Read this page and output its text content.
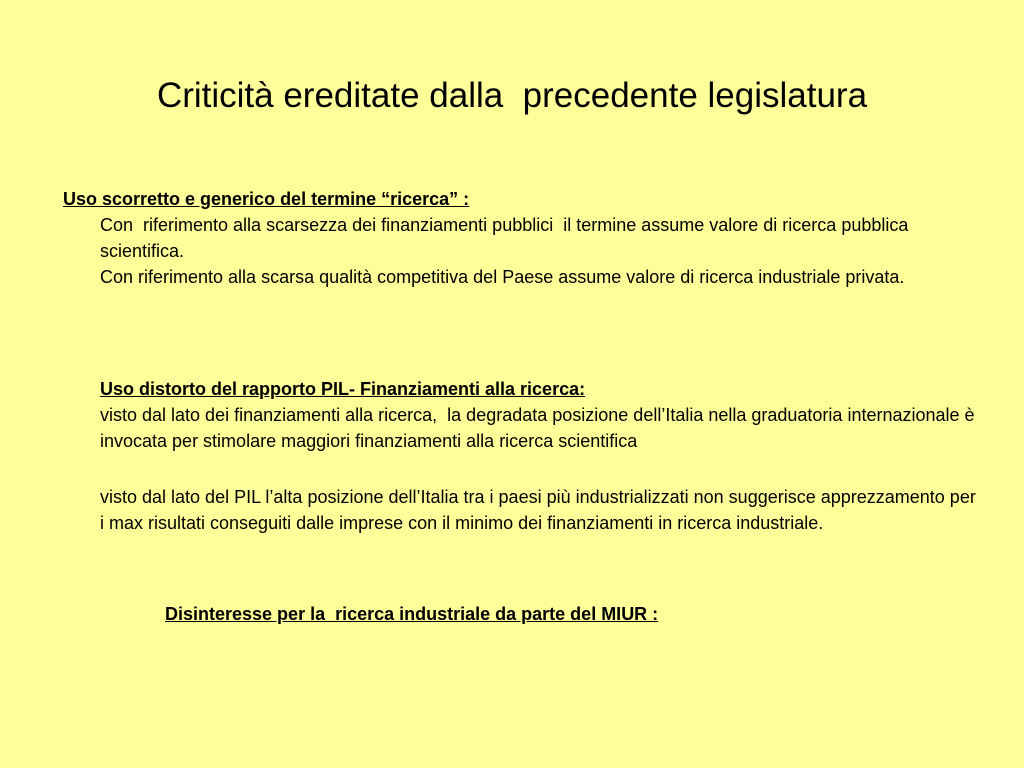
Criticità ereditate dalla  precedente legislatura
Uso scorretto e generico del termine “ricerca” :
Con  riferimento alla scarsezza dei finanziamenti pubblici  il termine assume valore di ricerca pubblica scientifica.
Con riferimento alla scarsa qualità competitiva del Paese assume valore di ricerca industriale privata.
Uso distorto del rapporto PIL- Finanziamenti alla ricerca:
visto dal lato dei finanziamenti alla ricerca,  la degradata posizione dell’Italia nella graduatoria internazionale è invocata per stimolare maggiori finanziamenti alla ricerca scientifica
visto dal lato del PIL l’alta posizione dell’Italia tra i paesi più industrializzati non suggerisce apprezzamento per i max risultati conseguiti dalle imprese con il minimo dei finanziamenti in ricerca industriale.
Disinteresse per la  ricerca industriale da parte del MIUR :
